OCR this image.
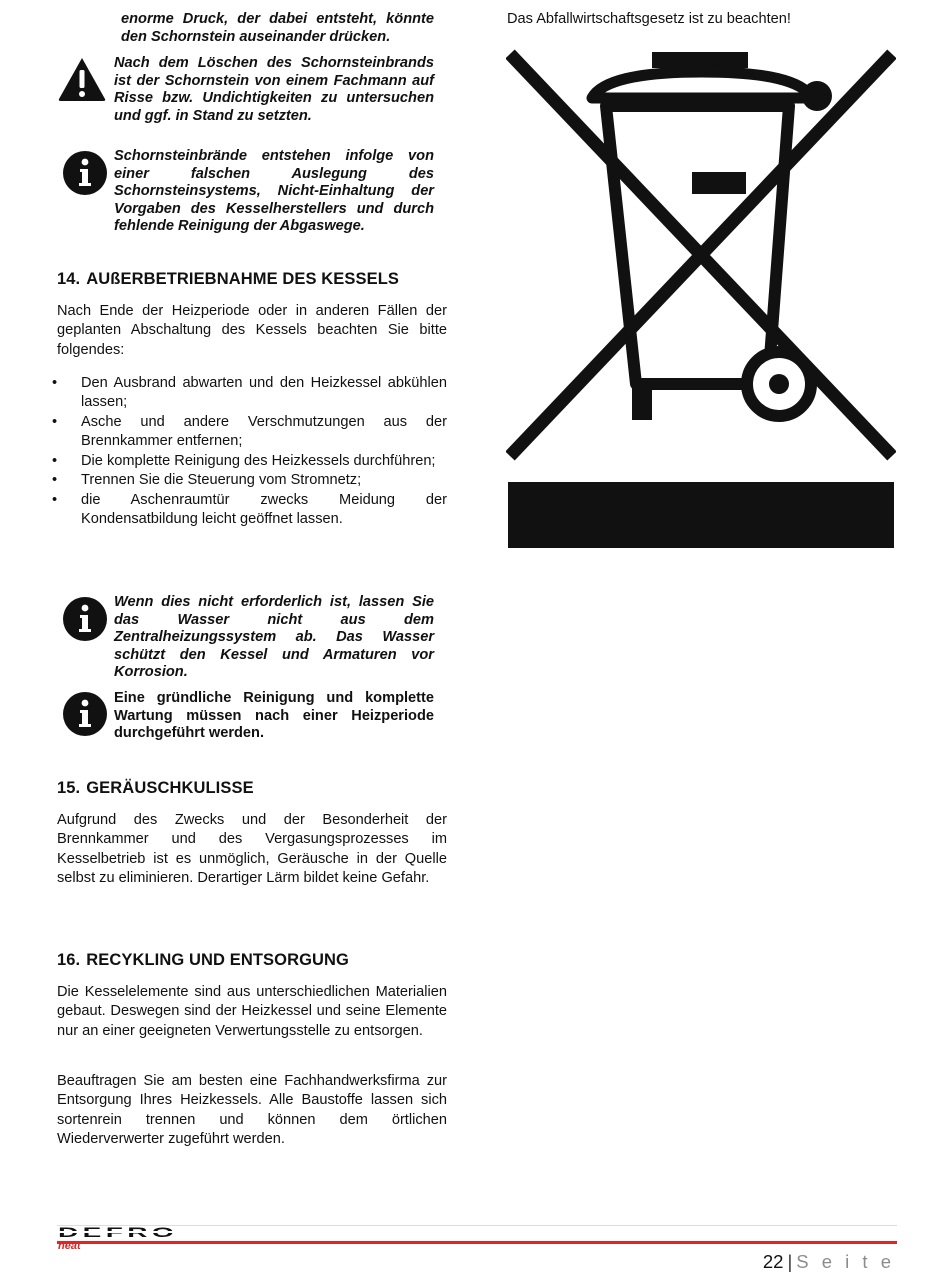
enorme Druck, der dabei entsteht, könnte den Schornstein auseinander drücken.

Nach dem Löschen des Schornsteinbrands ist der Schornstein von einem Fachmann auf Risse bzw. Undichtigkeiten zu untersuchen und ggf. in Stand zu setzten.

Schornsteinbrände entstehen infolge von einer falschen Auslegung des Schornsteinsystems, Nicht-Einhaltung der Vorgaben des Kesselherstellers und durch fehlende Reinigung der Abgaswege.

14. AUßERBETRIEBNAHME DES KESSELS

Nach Ende der Heizperiode oder in anderen Fällen der geplanten Abschaltung des Kessels beachten Sie bitte folgendes:

• Den Ausbrand abwarten und den Heizkessel abkühlen lassen;
• Asche und andere Verschmutzungen aus der Brennkammer entfernen;
• Die komplette Reinigung des Heizkessels durchführen;
• Trennen Sie die Steuerung vom Stromnetz;
• die Aschenraumtür zwecks Meidung der Kondensatbildung leicht geöffnet lassen.

Wenn dies nicht erforderlich ist, lassen Sie das Wasser nicht aus dem Zentralheizungssystem ab. Das Wasser schützt den Kessel und Armaturen vor Korrosion.

Eine gründliche Reinigung und komplette Wartung müssen nach einer Heizperiode durchgeführt werden.

15. GERÄUSCHKULISSE

Aufgrund des Zwecks und der Besonderheit der Brennkammer und des Vergasungsprozesses im Kesselbetrieb ist es unmöglich, Geräusche in der Quelle selbst zu eliminieren. Derartiger Lärm bildet keine Gefahr.

16. RECYKLING UND ENTSORGUNG

Die Kesselelemente sind aus unterschiedlichen Materialien gebaut. Deswegen sind der Heizkessel und seine Elemente nur an einer geeigneten Verwertungsstelle zu entsorgen.

Beauftragen Sie am besten eine Fachhandwerksfirma zur Entsorgung Ihres Heizkessels. Alle Baustoffe lassen sich sortenrein trennen und können dem örtlichen Wiederverwerter zugeführt werden.

Das Abfallwirtschaftsgesetz ist zu beachten!
heat
22 | S e i t e
